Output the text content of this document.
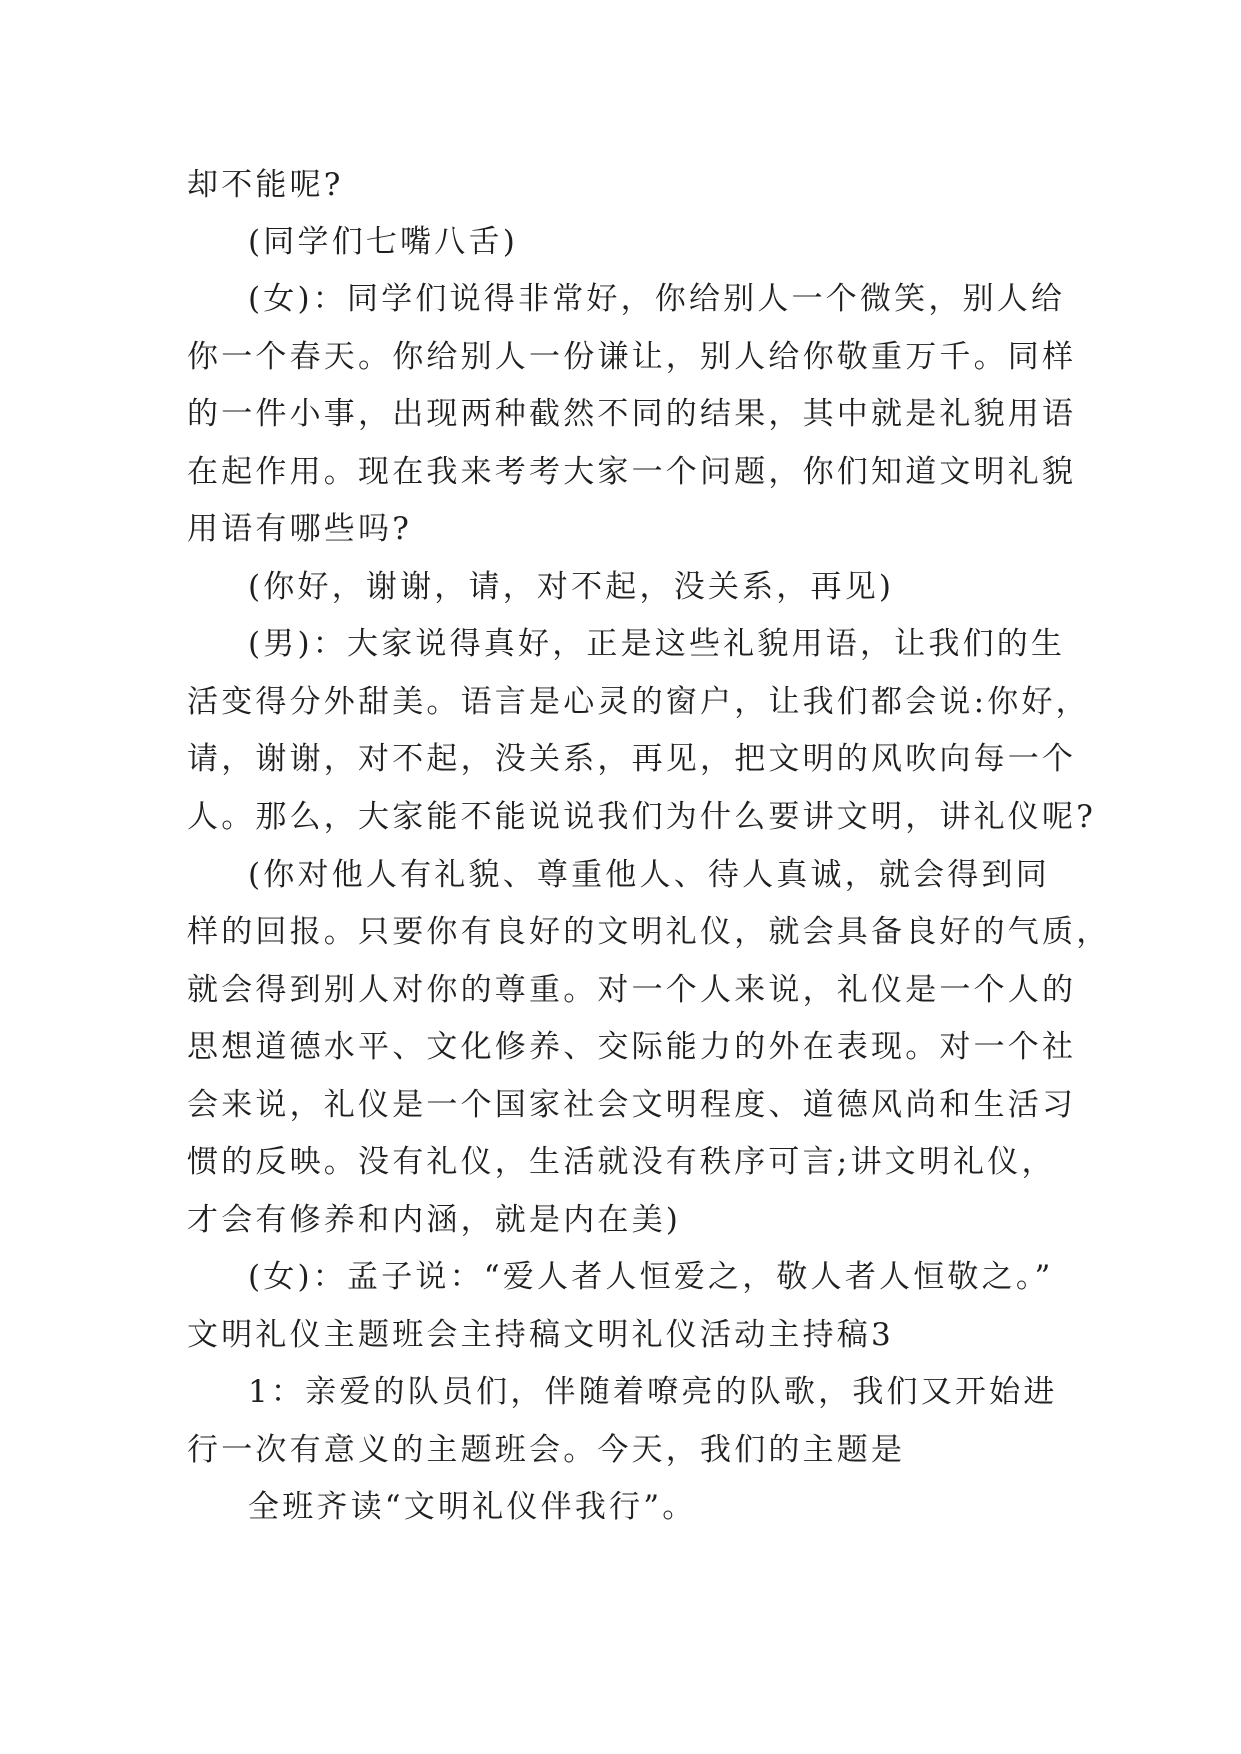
却不能呢?
(同学们七嘴八舌)
(女)：同学们说得非常好，你给别人一个微笑，别人给
你一个春天。你给别人一份谦让，别人给你敬重万千。同样
的一件小事，出现两种截然不同的结果，其中就是礼貌用语
在起作用。现在我来考考大家一个问题，你们知道文明礼貌
用语有哪些吗?
(你好，谢谢，请，对不起，没关系，再见)
(男)：大家说得真好，正是这些礼貌用语，让我们的生
活变得分外甜美。语言是心灵的窗户，让我们都会说:你好，
请，谢谢，对不起，没关系，再见，把文明的风吹向每一个
人。那么，大家能不能说说我们为什么要讲文明，讲礼仪呢?
(你对他人有礼貌、尊重他人、待人真诚，就会得到同
样的回报。只要你有良好的文明礼仪，就会具备良好的气质，
就会得到别人对你的尊重。对一个人来说，礼仪是一个人的
思想道德水平、文化修养、交际能力的外在表现。对一个社
会来说，礼仪是一个国家社会文明程度、道德风尚和生活习
惯的反映。没有礼仪，生活就没有秩序可言;讲文明礼仪，
才会有修养和内涵，就是内在美)
(女)：孟子说：“爱人者人恒爱之，敬人者人恒敬之。”
文明礼仪主题班会主持稿文明礼仪活动主持稿3
1：亲爱的队员们，伴随着嘹亮的队歌，我们又开始进
行一次有意义的主题班会。今天，我们的主题是
全班齐读“文明礼仪伴我行”。
